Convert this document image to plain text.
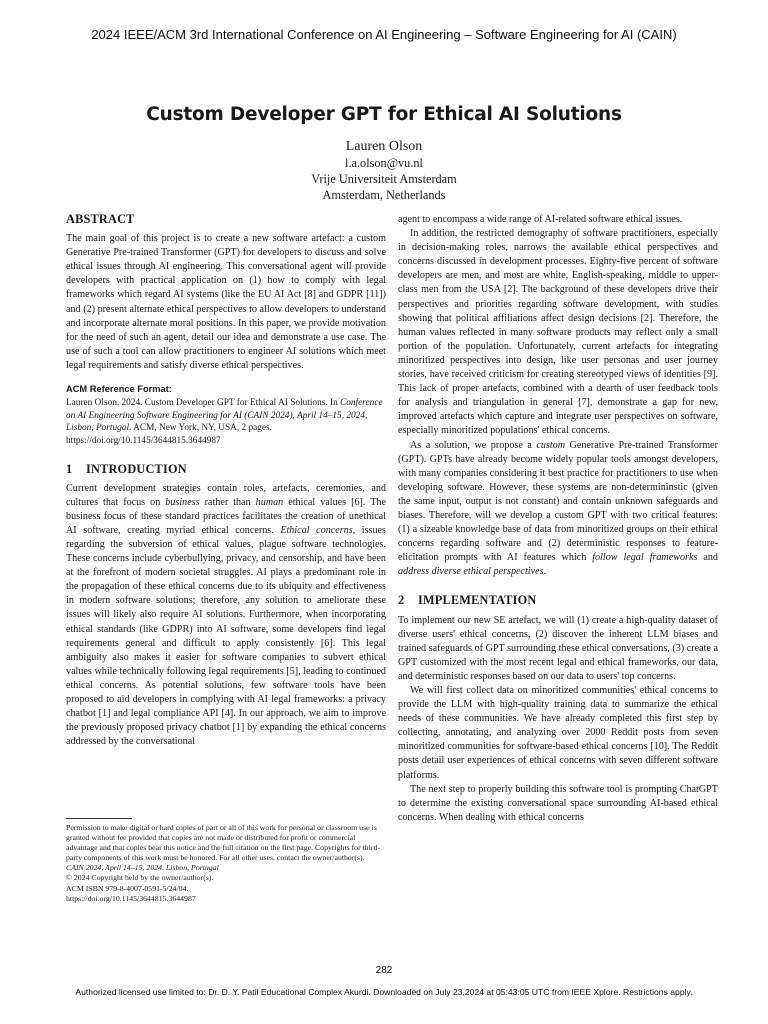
2024 IEEE/ACM 3rd International Conference on AI Engineering – Software Engineering for AI (CAIN)
Custom Developer GPT for Ethical AI Solutions
Lauren Olson
l.a.olson@vu.nl
Vrije Universiteit Amsterdam
Amsterdam, Netherlands
ABSTRACT

The main goal of this project is to create a new software artefact: a custom Generative Pre-trained Transformer (GPT) for developers to discuss and solve ethical issues through AI engineering. This conversational agent will provide developers with practical application on (1) how to comply with legal frameworks which regard AI systems (like the EU AI Act [8] and GDPR [11]) and (2) present alternate ethical perspectives to allow developers to understand and incorporate alternate moral positions. In this paper, we provide motivation for the need of such an agent, detail our idea and demonstrate a use case. The use of such a tool can allow practitioners to engineer AI solutions which meet legal requirements and satisfy diverse ethical perspectives.

ACM Reference Format:

Lauren Olson. 2024. Custom Developer GPT for Ethical AI Solutions. In Conference on AI Engineering Software Engineering for AI (CAIN 2024), April 14–15, 2024, Lisbon, Portugal. ACM, New York, NY, USA, 2 pages. https://doi.org/10.1145/3644815.3644987

1 INTRODUCTION

Current development strategies contain roles, artefacts, ceremonies, and cultures that focus on business rather than human ethical values [6]. The business focus of these standard practices facilitates the creation of unethical AI software, creating myriad ethical concerns. Ethical concerns, issues regarding the subversion of ethical values, plague software technologies. These concerns include cyberbullying, privacy, and censorship, and have been at the forefront of modern societal struggles. AI plays a predominant role in the propagation of these ethical concerns due to its ubiquity and effectiveness in modern software solutions; therefore, any solution to ameliorate these issues will likely also require AI solutions. Furthermore, when incorporating ethical standards (like GDPR) into AI software, some developers find legal requirements general and difficult to apply consistently [6]. This legal ambiguity also makes it easier for software companies to subvert ethical values while technically following legal requirements [5], leading to continued ethical concerns. As potential solutions, few software tools have been proposed to aid developers in complying with AI legal frameworks: a privacy chatbot [1] and legal compliance API [4]. In our approach, we aim to improve the previously proposed privacy chatbot [1] by expanding the ethical concerns addressed by the conversational

Permission to make digital or hard copies of part or all of this work for personal or classroom use is granted without fee provided that copies are not made or distributed for profit or commercial advantage and that copies bear this notice and the full citation on the first page. Copyrights for third-party components of this work must be honored. For all other uses, contact the owner/author(s).
CAIN 2024, April 14–15, 2024, Lisbon, Portugal
© 2024 Copyright held by the owner/author(s).
ACM ISBN 979-8-4007-0591-5/24/04.
https://doi.org/10.1145/3644815.3644987

agent to encompass a wide range of AI-related software ethical issues.

In addition, the restricted demography of software practitioners, especially in decision-making roles, narrows the available ethical perspectives and concerns discussed in development processes. Eighty-five percent of software developers are men, and most are white, English-speaking, middle to upper-class men from the USA [2]. The background of these developers drive their perspectives and priorities regarding software development, with studies showing that political affiliations affect design decisions [2]. Therefore, the human values reflected in many software products may reflect only a small portion of the population. Unfortunately, current artefacts for integrating minoritized perspectives into design, like user personas and user journey stories, have received criticism for creating stereotyped views of identities [9]. This lack of proper artefacts, combined with a dearth of user feedback tools for analysis and triangulation in general [7], demonstrate a gap for new, improved artefacts which capture and integrate user perspectives on software, especially minoritized populations' ethical concerns.

As a solution, we propose a custom Generative Pre-trained Transformer (GPT). GPTs have already become widely popular tools amongst developers, with many companies considering it best practice for practitioners to use when developing software. However, these systems are non-determininstic (given the same input, output is not constant) and contain unknown safeguards and biases. Therefore, will we develop a custom GPT with two critical features: (1) a sizeable knowledge base of data from minoritized groups on their ethical concerns regarding software and (2) deterministic responses to feature-elicitation prompts with AI features which follow legal frameworks and address diverse ethical perspectives.

2 IMPLEMENTATION

To implement our new SE artefact, we will (1) create a high-quality dataset of diverse users' ethical concerns, (2) discover the inherent LLM biases and trained safeguards of GPT surrounding these ethical conversations, (3) create a GPT customized with the most recent legal and ethical frameworks, our data, and deterministic responses based on our data to users' top concerns.

We will first collect data on minoritized communities' ethical concerns to provide the LLM with high-quality training data to summarize the ethical needs of these communities. We have already completed this first step by collecting, annotating, and analyzing over 2000 Reddit posts from seven minoritized communities for software-based ethical concerns [10]. The Reddit posts detail user experiences of ethical concerns with seven different software platforms.

The next step to properly building this software tool is prompting ChatGPT to determine the existing conversational space surrounding AI-based ethical concerns. When dealing with ethical concerns

282
Authorized licensed use limited to: Dr. D. Y. Patil Educational Complex Akurdi. Downloaded on July 23,2024 at 05:43:05 UTC from IEEE Xplore. Restrictions apply.
